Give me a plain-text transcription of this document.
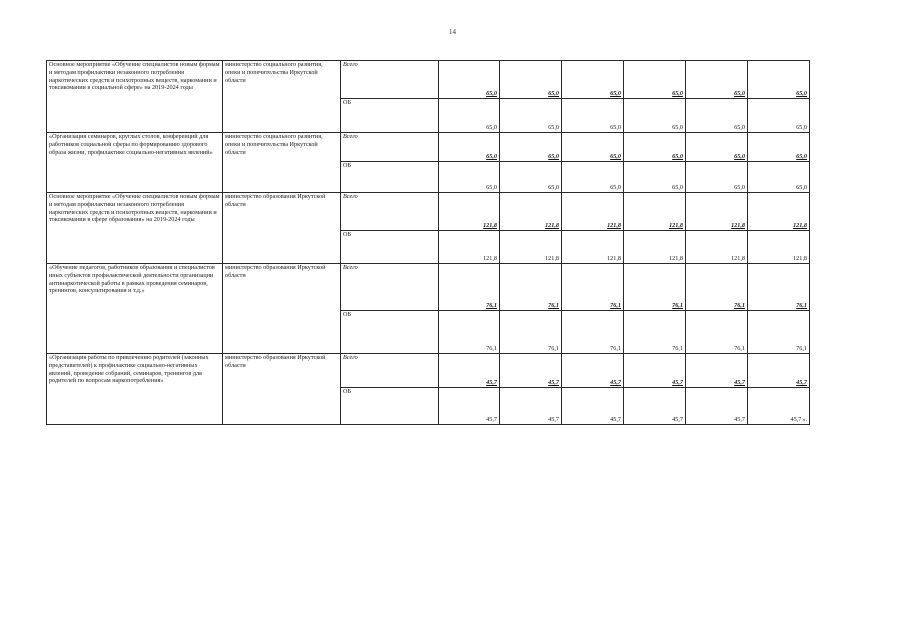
14
Основное мероприятие «Обучение специалистов новым формам и методам профилактики незаконного потребления наркотических средств и психотропных веществ, наркомании и токсикомании в социальной сфере» на 2019-2024 годы	министерство социального развития, опеки и попечительства Иркутской области	Всего	65,0	65,0	65,0	65,0	65,0	65,0
		ОБ	65,0	65,0	65,0	65,0	65,0	65,0
«Организация семинаров, круглых столов, конференций для работников социальной сферы по формированию здорового образа жизни, профилактике социально-негативных явлений»	министерство социального развития, опеки и попечительства Иркутской области	Всего	65,0	65,0	65,0	65,0	65,0	65,0
		ОБ	65,0	65,0	65,0	65,0	65,0	65,0
Основное мероприятие «Обучение специалистов новым формам и методам профилактики незаконного потребления наркотических средств и психотропных веществ, наркомании и токсикомании в сфере образования» на 2019-2024 годы	министерство образования Иркутской области	Всего	121,8	121,8	121,8	121,8	121,8	121,8
		ОБ	121,8	121,8	121,8	121,8	121,8	121,8
«Обучение педагогов, работников образования и специалистов иных субъектов профилактической деятельности организации антинаркотической работы в рамках проведения семинаров, тренингов, консультирования и т.д.»	министерство образования Иркутской области	Всего	76,1	76,1	76,1	76,1	76,1	76,1
		ОБ	76,1	76,1	76,1	76,1	76,1	76,1
«Организация работы по привлечению родителей (законных представителей) к профилактике социально-негативных явлений, проведение собраний, семинаров, тренингов для родителей по вопросам наркопотребления»	министерство образования Иркутской области	Всего	45,7	45,7	45,7	45,7	45,7	45,7
		ОБ	45,7	45,7	45,7	45,7	45,7	45,7».
